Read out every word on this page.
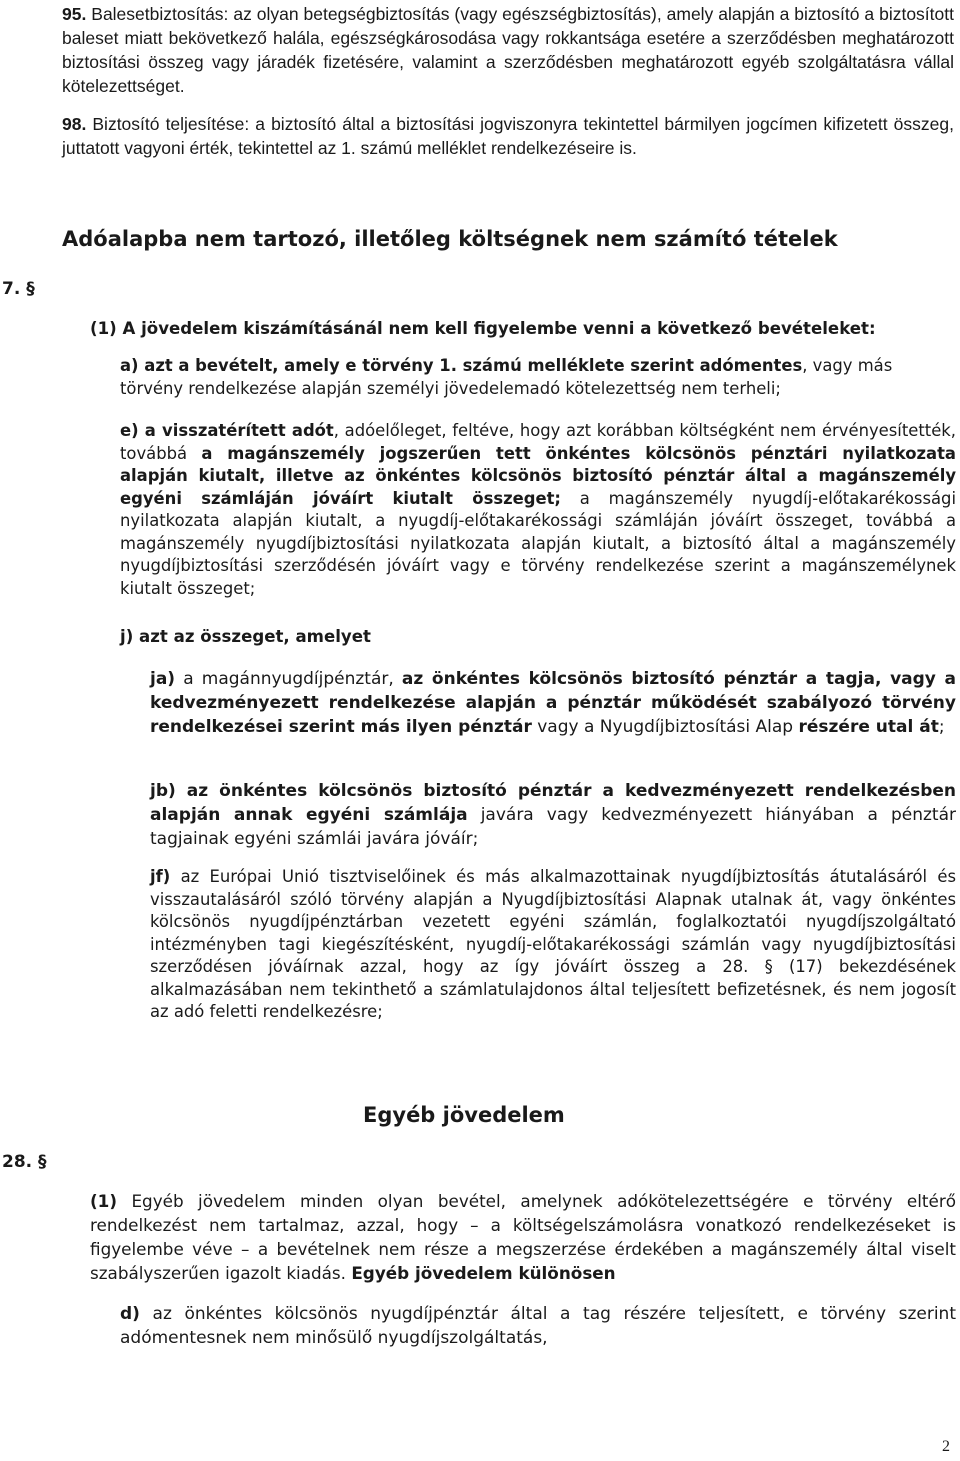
95. Balesetbiztosítás: az olyan betegségbiztosítás (vagy egészségbiztosítás), amely alapján a biztosító a biztosított baleset miatt bekövetkező halála, egészségkárosodása vagy rokkantsága esetére a szerződésben meghatározott biztosítási összeg vagy járadék fizetésére, valamint a szerződésben meghatározott egyéb szolgáltatásra vállal kötelezettséget.

98. Biztosító teljesítése: a biztosító által a biztosítási jogviszonyra tekintettel bármilyen jogcímen kifizetett összeg, juttatott vagyoni érték, tekintettel az 1. számú melléklet rendelkezéseire is.

Adóalapba nem tartozó, illetőleg költségnek nem számító tételek
7. §
(1) A jövedelem kiszámításánál nem kell figyelembe venni a következő bevételeket:
a) azt a bevételt, amely e törvény 1. számú melléklete szerint adómentes, vagy más törvény rendelkezése alapján személyi jövedelemadó kötelezettség nem terheli;
e) a visszatérített adót, adóelőleget, feltéve, hogy azt korábban költségként nem érvényesítették, továbbá a magánszemély jogszerűen tett önkéntes kölcsönös pénztári nyilatkozata alapján kiutalt, illetve az önkéntes kölcsönös biztosító pénztár által a magánszemély egyéni számláján jóváírt kiutalt összeget; a magánszemély nyugdíj-előtakarékossági nyilatkozata alapján kiutalt, a nyugdíj-előtakarékossági számláján jóváírt összeget, továbbá a magánszemély nyugdíjbiztosítási nyilatkozata alapján kiutalt, a biztosító által a magánszemély nyugdíjbiztosítási szerződésén jóváírt vagy e törvény rendelkezése szerint a magánszemélynek kiutalt összeget;
j) azt az összeget, amelyet
ja) a magánnyugdíjpénztár, az önkéntes kölcsönös biztosító pénztár a tagja, vagy a kedvezményezett rendelkezése alapján a pénztár működését szabályozó törvény rendelkezései szerint más ilyen pénztár vagy a Nyugdíjbiztosítási Alap részére utal át;
jb) az önkéntes kölcsönös biztosító pénztár a kedvezményezett rendelkezésben alapján annak egyéni számlája javára vagy kedvezményezett hiányában a pénztár tagjainak egyéni számlái javára jóváír;
jf) az Európai Unió tisztviselőinek és más alkalmazottainak nyugdíjbiztosítás átutalásáról és visszautalásáról szóló törvény alapján a Nyugdíjbiztosítási Alapnak utalnak át, vagy önkéntes kölcsönös nyugdíjpénztárban vezetett egyéni számlán, foglalkoztatói nyugdíjszolgáltató intézményben tagi kiegészítésként, nyugdíj-előtakarékossági számlán vagy nyugdíjbiztosítási szerződésen jóváírnak azzal, hogy az így jóváírt összeg a 28. § (17) bekezdésének alkalmazásában nem tekinthető a számlatulajdonos által teljesített befizetésnek, és nem jogosít az adó feletti rendelkezésre;
Egyéb jövedelem
28. §
(1) Egyéb jövedelem minden olyan bevétel, amelynek adókötelezettségére e törvény eltérő rendelkezést nem tartalmaz, azzal, hogy – a költségelszámolásra vonatkozó rendelkezéseket is figyelembe véve – a bevételnek nem része a megszerzése érdekében a magánszemély által viselt szabályszerűen igazolt kiadás. Egyéb jövedelem különösen
d) az önkéntes kölcsönös nyugdíjpénztár által a tag részére teljesített, e törvény szerint adómentesnek nem minősülő nyugdíjszolgáltatás,
2
